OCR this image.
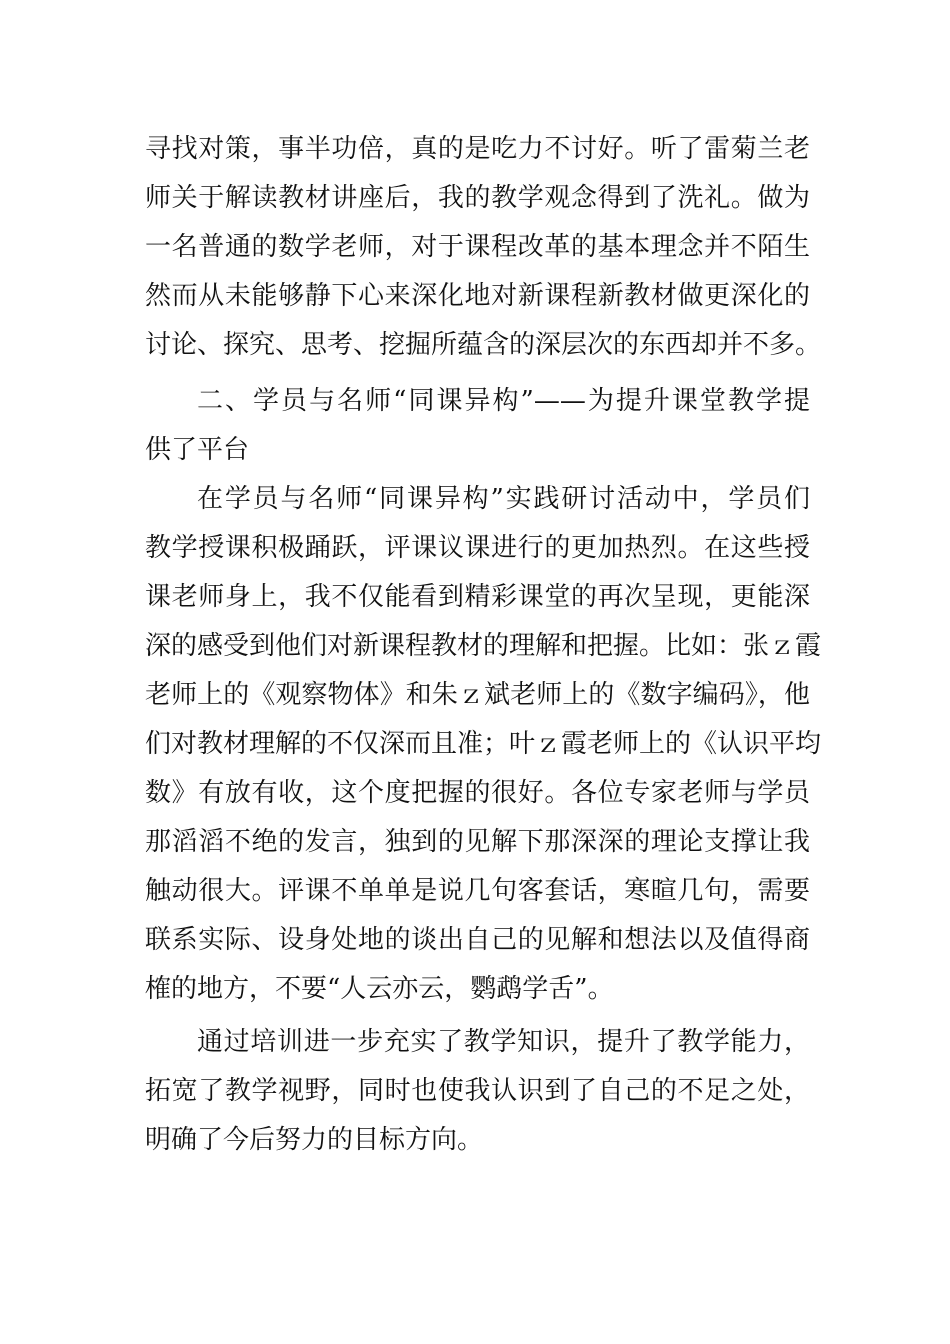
寻找对策，事半功倍，真的是吃力不讨好。听了雷菊兰老
师关于解读教材讲座后，我的教学观念得到了洗礼。做为
一名普通的数学老师，对于课程改革的基本理念并不陌生
然而从未能够静下心来深化地对新课程新教材做更深化的
讨论、探究、思考、挖掘所蕴含的深层次的东西却并不多。
二、学员与名师“同课异构”——为提升课堂教学提
供了平台
在学员与名师“同课异构”实践研讨活动中，学员们
教学授课积极踊跃，评课议课进行的更加热烈。在这些授
课老师身上，我不仅能看到精彩课堂的再次呈现，更能深
深的感受到他们对新课程教材的理解和把握。比如：张ｚ霞
老师上的《观察物体》和朱ｚ斌老师上的《数字编码》，他
们对教材理解的不仅深而且准；叶ｚ霞老师上的《认识平均
数》有放有收，这个度把握的很好。各位专家老师与学员
那滔滔不绝的发言，独到的见解下那深深的理论支撑让我
触动很大。评课不单单是说几句客套话，寒暄几句，需要
联系实际、设身处地的谈出自己的见解和想法以及值得商
榷的地方，不要“人云亦云，鹦鹉学舌”。
通过培训进一步充实了教学知识，提升了教学能力，
拓宽了教学视野，同时也使我认识到了自己的不足之处，
明确了今后努力的目标方向。
